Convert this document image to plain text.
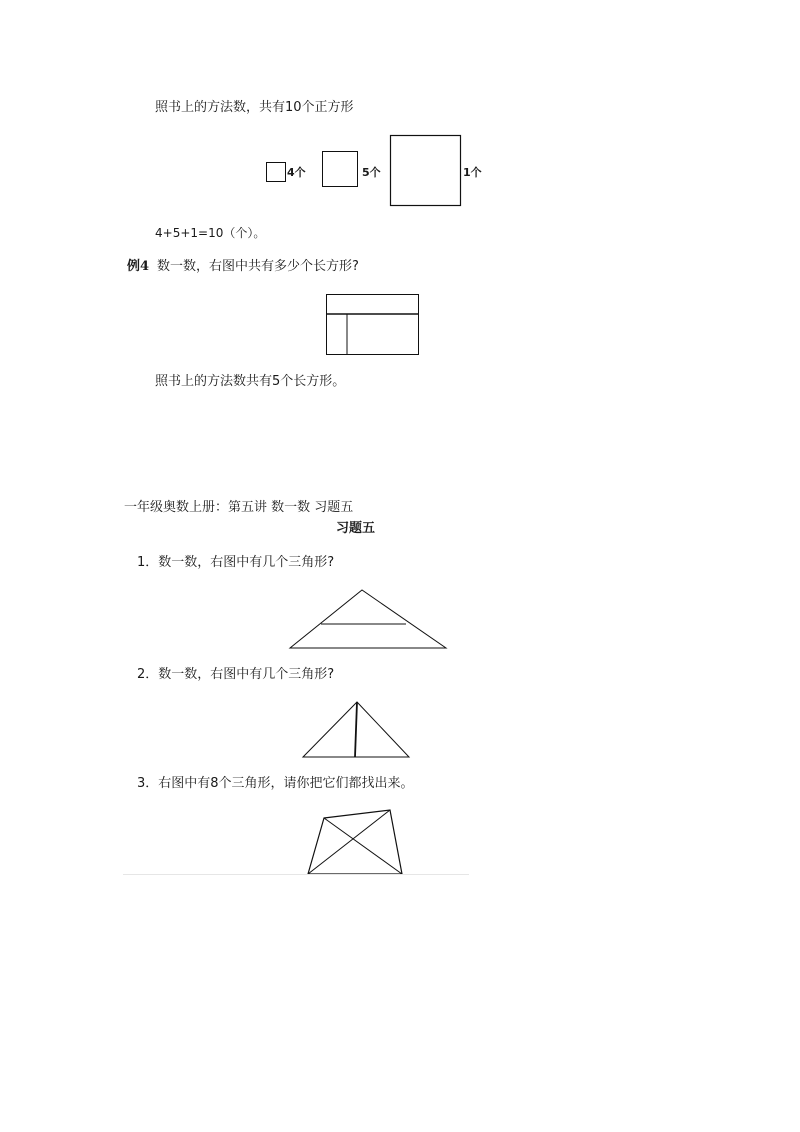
照书上的方法数，共有10个正方形
4个	5个	1个
4+5+1=10（个）。
例4 数一数，右图中共有多少个长方形?
照书上的方法数共有5个长方形。
一年级奥数上册：第五讲 数一数 习题五
习题五
1．数一数，右图中有几个三角形?
2．数一数，右图中有几个三角形?
3．右图中有8个三角形，请你把它们都找出来。
